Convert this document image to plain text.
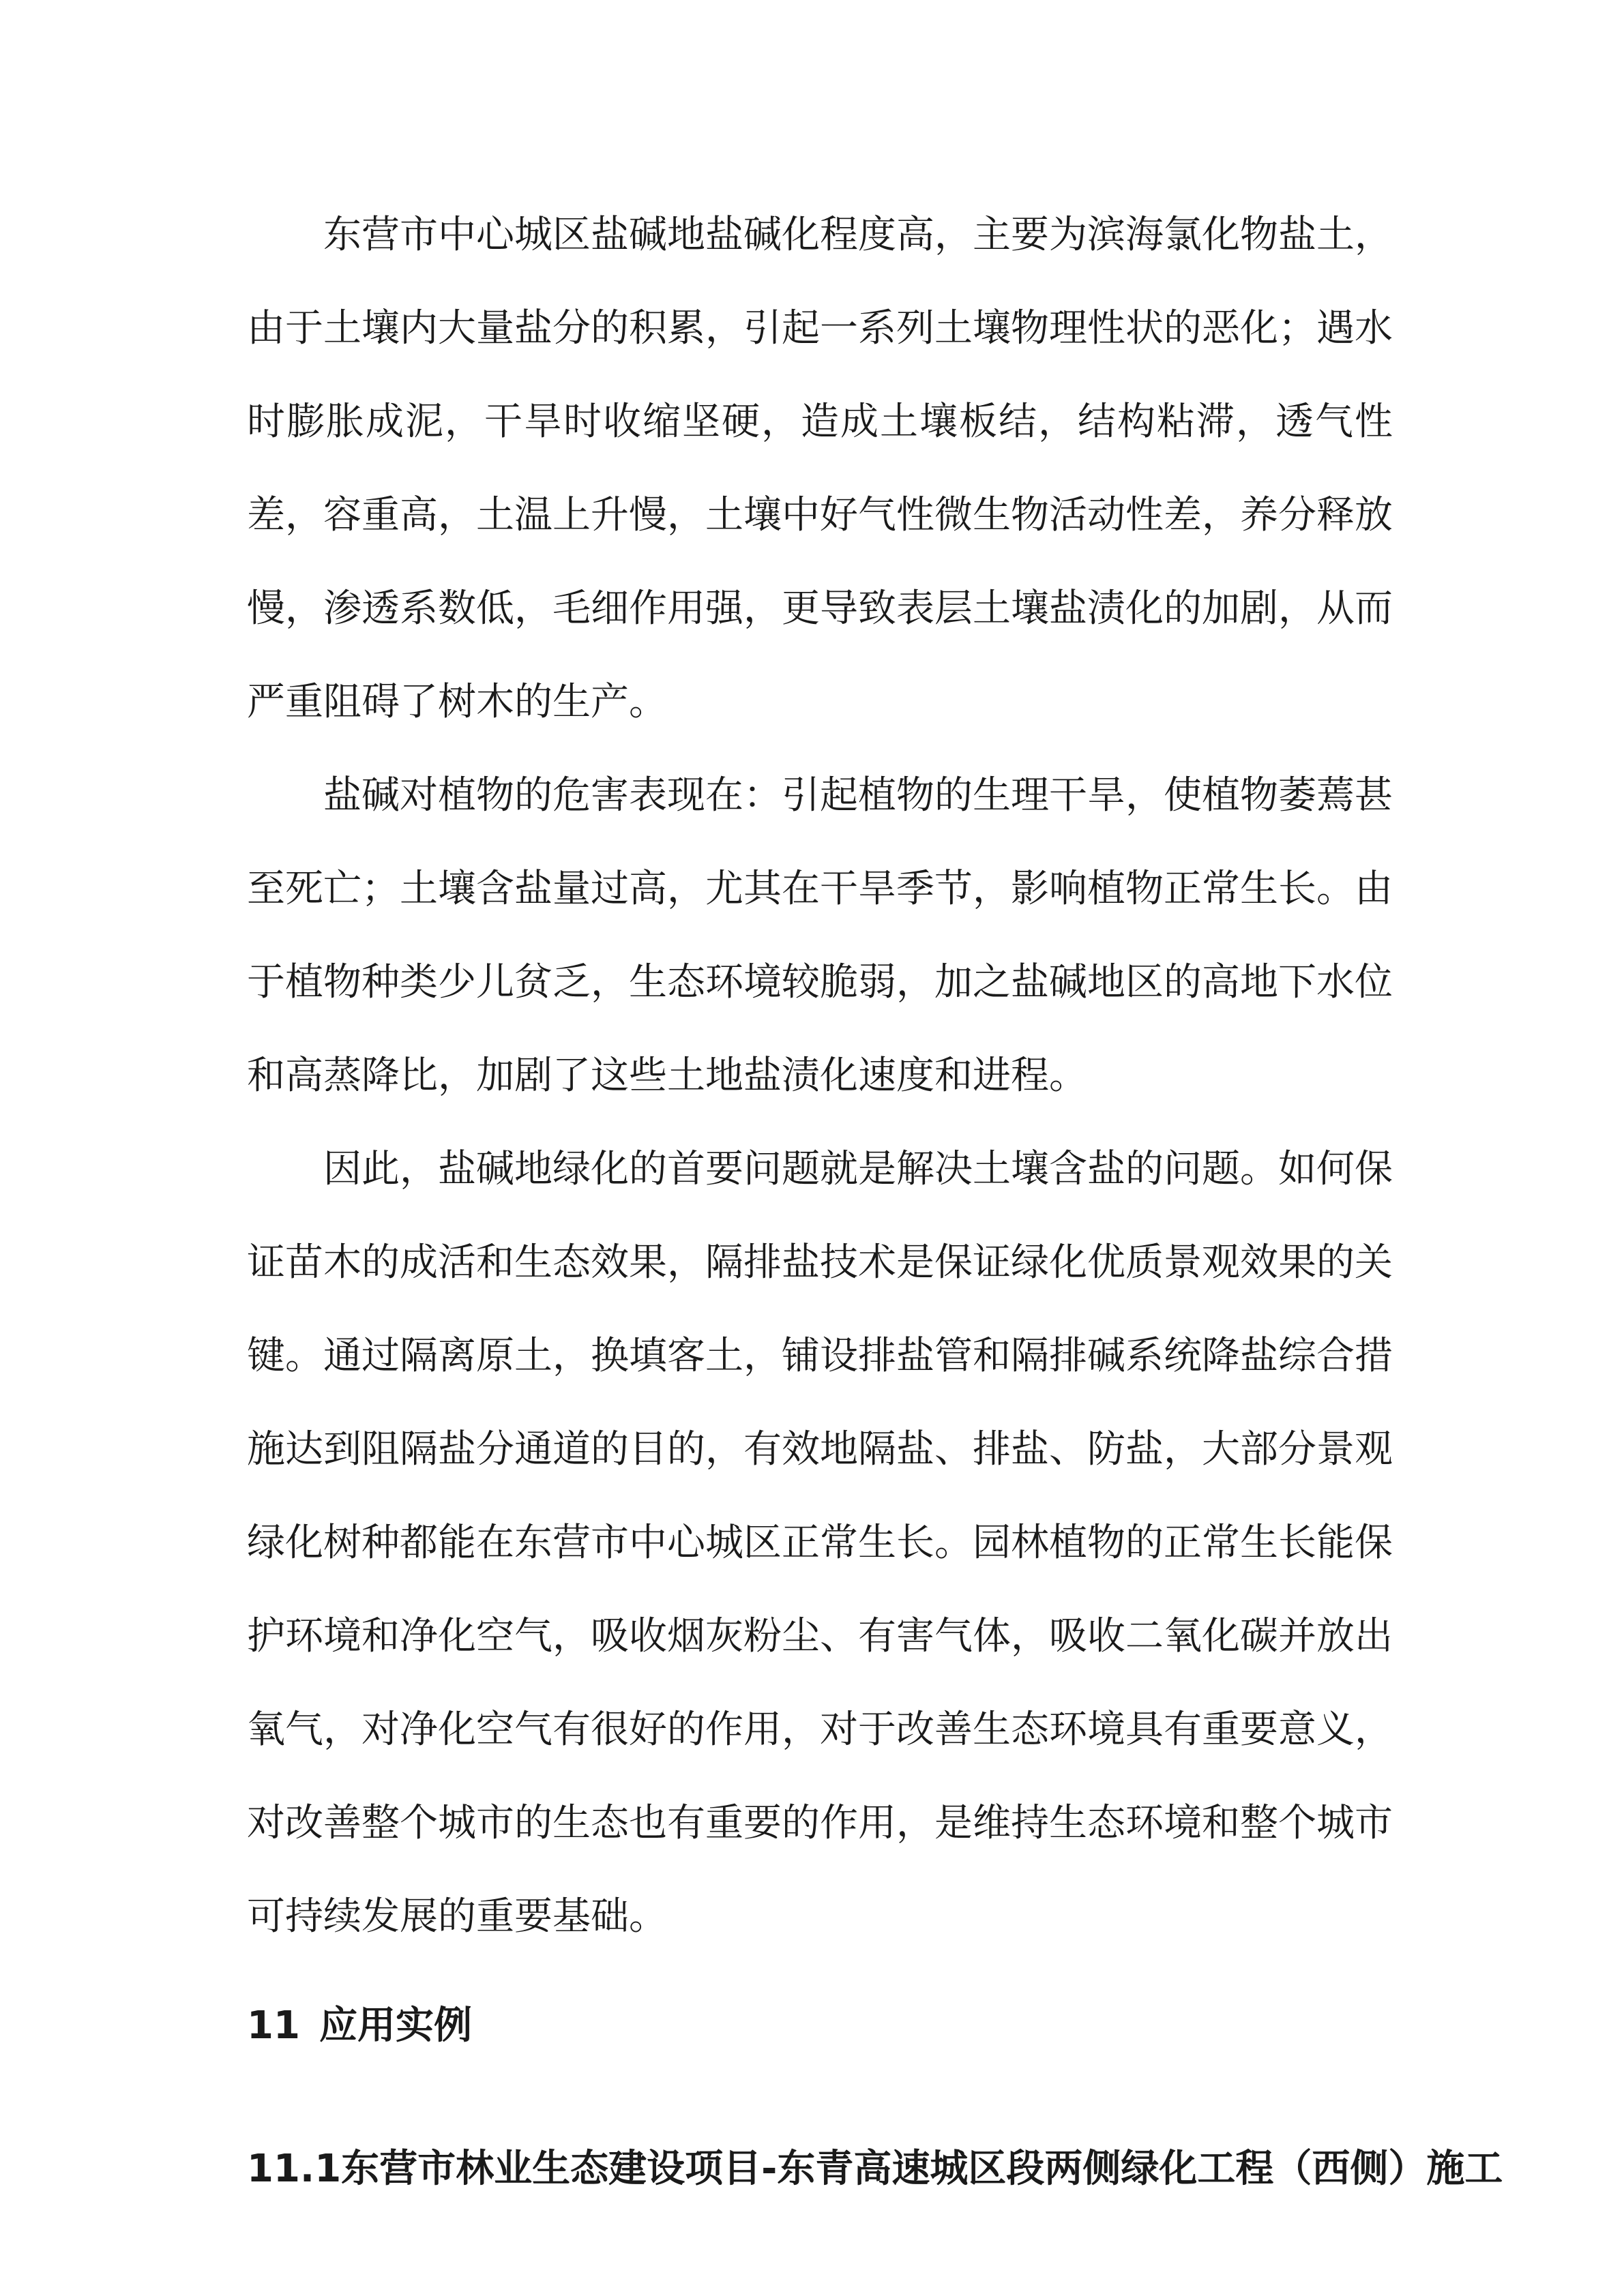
东营市中心城区盐碱地盐碱化程度高，主要为滨海氯化物盐土，由于土壤内大量盐分的积累，引起一系列土壤物理性状的恶化；遇水时膨胀成泥，干旱时收缩坚硬，造成土壤板结，结构粘滞，透气性差，容重高，土温上升慢，土壤中好气性微生物活动性差，养分释放慢，渗透系数低，毛细作用强，更导致表层土壤盐渍化的加剧，从而严重阻碍了树木的生产。

盐碱对植物的危害表现在：引起植物的生理干旱，使植物萎蔫甚至死亡；土壤含盐量过高，尤其在干旱季节，影响植物正常生长。由于植物种类少儿贫乏，生态环境较脆弱，加之盐碱地区的高地下水位和高蒸降比，加剧了这些土地盐渍化速度和进程。

因此，盐碱地绿化的首要问题就是解决土壤含盐的问题。如何保证苗木的成活和生态效果，隔排盐技术是保证绿化优质景观效果的关键。通过隔离原土，换填客土，铺设排盐管和隔排碱系统降盐综合措施达到阻隔盐分通道的目的，有效地隔盐、排盐、防盐，大部分景观绿化树种都能在东营市中心城区正常生长。园林植物的正常生长能保护环境和净化空气，吸收烟灰粉尘、有害气体，吸收二氧化碳并放出氧气，对净化空气有很好的作用，对于改善生态环境具有重要意义，对改善整个城市的生态也有重要的作用，是维持生态环境和整个城市可持续发展的重要基础。

11 应用实例
11.1东营市林业生态建设项目-东青高速城区段两侧绿化工程（西侧）施工
